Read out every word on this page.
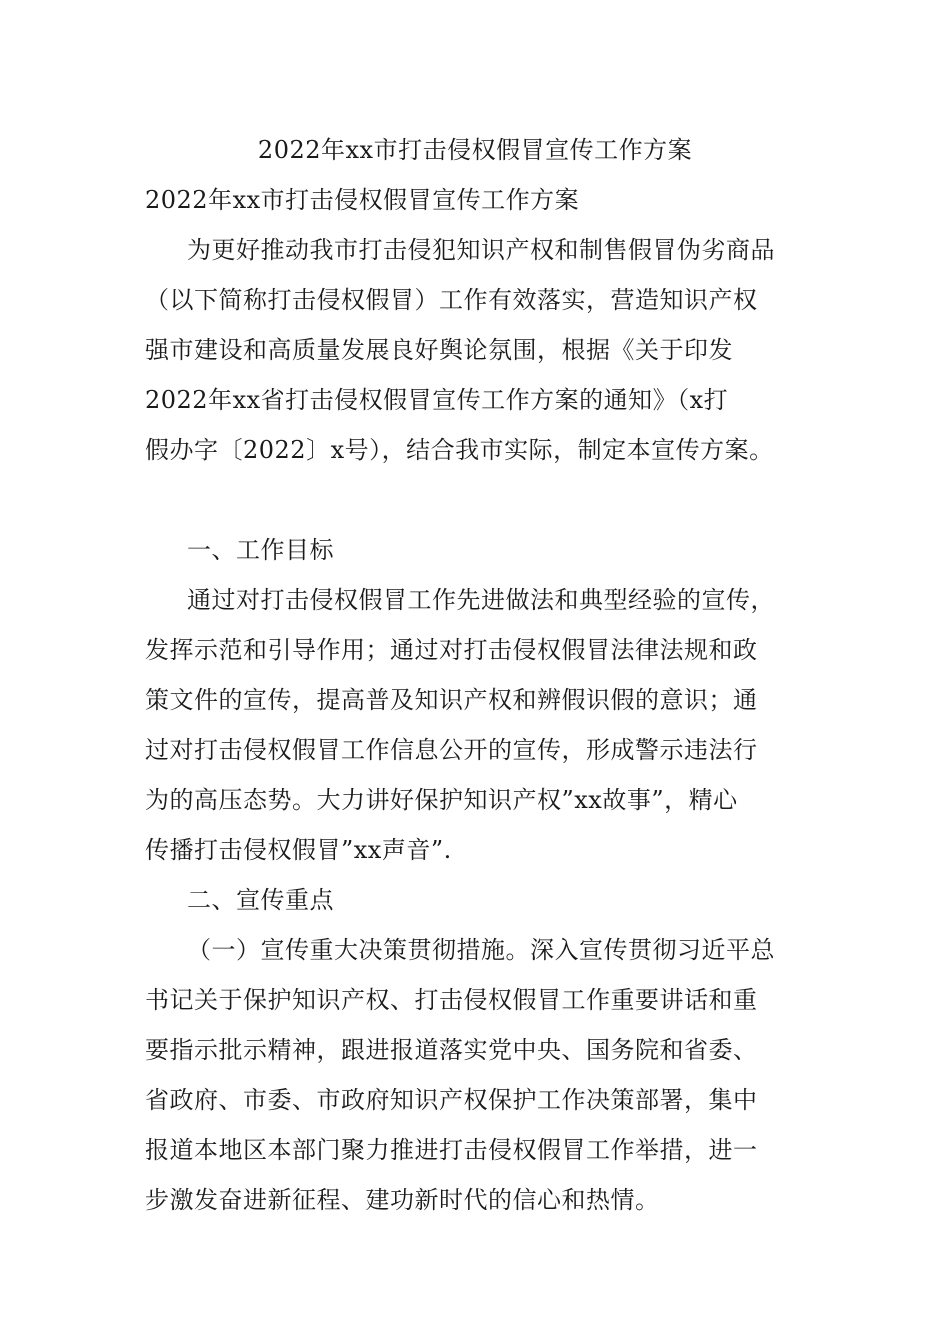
2022年xx市打击侵权假冒宣传工作方案
2022年xx市打击侵权假冒宣传工作方案
为更好推动我市打击侵犯知识产权和制售假冒伪劣商品
（以下简称打击侵权假冒）工作有效落实，营造知识产权
强市建设和高质量发展良好舆论氛围，根据《关于印发
2022年xx省打击侵权假冒宣传工作方案的通知》（x打
假办字〔2022〕x号），结合我市实际，制定本宣传方案。
一、工作目标
通过对打击侵权假冒工作先进做法和典型经验的宣传，
发挥示范和引导作用；通过对打击侵权假冒法律法规和政
策文件的宣传，提高普及知识产权和辨假识假的意识；通
过对打击侵权假冒工作信息公开的宣传，形成警示违法行
为的高压态势。大力讲好保护知识产权”xx故事”，精心
传播打击侵权假冒”xx声音”.
二、宣传重点
（一）宣传重大决策贯彻措施。深入宣传贯彻习近平总
书记关于保护知识产权、打击侵权假冒工作重要讲话和重
要指示批示精神，跟进报道落实党中央、国务院和省委、
省政府、市委、市政府知识产权保护工作决策部署，集中
报道本地区本部门聚力推进打击侵权假冒工作举措，进一
步激发奋进新征程、建功新时代的信心和热情。
